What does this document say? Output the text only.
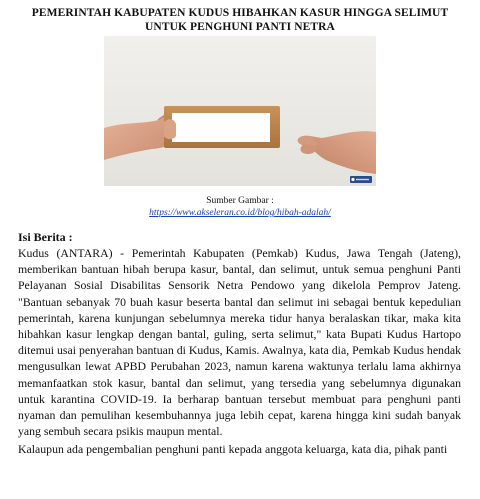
PEMERINTAH KABUPATEN KUDUS HIBAHKAN KASUR HINGGA SELIMUT
UNTUK PENGHUNI PANTI NETRA
Sumber Gambar :
https://www.akseleran.co.id/blog/hibah-adalah/
Isi Berita :

Kudus (ANTARA) - Pemerintah Kabupaten (Pemkab) Kudus, Jawa Tengah (Jateng), memberikan bantuan hibah berupa kasur, bantal, dan selimut, untuk semua penghuni Panti Pelayanan Sosial Disabilitas Sensorik Netra Pendowo yang dikelola Pemprov Jateng. "Bantuan sebanyak 70 buah kasur beserta bantal dan selimut ini sebagai bentuk kepedulian pemerintah, karena kunjungan sebelumnya mereka tidur hanya beralaskan tikar, maka kita hibahkan kasur lengkap dengan bantal, guling, serta selimut," kata Bupati Kudus Hartopo ditemui usai penyerahan bantuan di Kudus, Kamis. Awalnya, kata dia, Pemkab Kudus hendak mengusulkan lewat APBD Perubahan 2023, namun karena waktunya terlalu lama akhirnya memanfaatkan stok kasur, bantal dan selimut, yang tersedia yang sebelumnya digunakan untuk karantina COVID-19. Ia berharap bantuan tersebut membuat para penghuni panti nyaman dan pemulihan kesembuhannya juga lebih cepat, karena hingga kini sudah banyak yang sembuh secara psikis maupun mental.

Kalaupun ada pengembalian penghuni panti kepada anggota keluarga, kata dia, pihak panti
